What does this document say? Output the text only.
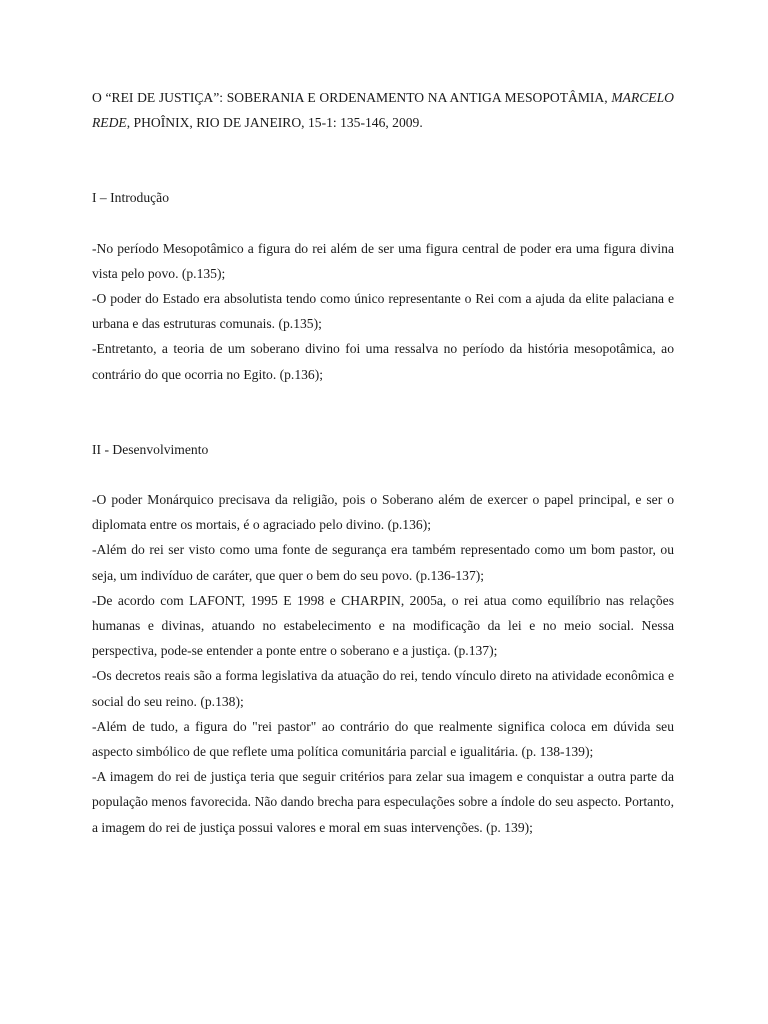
O “REI DE JUSTIÇA”: SOBERANIA E ORDENAMENTO NA ANTIGA MESOPOTÂMIA, MARCELO REDE, PHOÎNIX, RIO DE JANEIRO, 15-1: 135-146, 2009.

I – Introdução

-No período Mesopotâmico a figura do rei além de ser uma figura central de poder era uma figura divina vista pelo povo. (p.135);
-O poder do Estado era absolutista tendo como único representante o Rei com a ajuda da elite palaciana e urbana e das estruturas comunais. (p.135);
-Entretanto, a teoria de um soberano divino foi uma ressalva no período da história mesopotâmica, ao contrário do que ocorria no Egito. (p.136);

II - Desenvolvimento

-O poder Monárquico precisava da religião, pois o Soberano além de exercer o papel principal, e ser o diplomata entre os mortais, é o agraciado pelo divino. (p.136);
-Além do rei ser visto como uma fonte de segurança era também representado como um bom pastor, ou seja, um indivíduo de caráter, que quer o bem do seu povo. (p.136-137);
-De acordo com LAFONT, 1995 E 1998 e CHARPIN, 2005a, o rei atua como equilíbrio nas relações humanas e divinas, atuando no estabelecimento e na modificação da lei e no meio social. Nessa perspectiva, pode-se entender a ponte entre o soberano e a justiça. (p.137);
-Os decretos reais são a forma legislativa da atuação do rei, tendo vínculo direto na atividade econômica e social do seu reino. (p.138);
-Além de tudo, a figura do "rei pastor" ao contrário do que realmente significa coloca em dúvida seu aspecto simbólico de que reflete uma política comunitária parcial e igualitária. (p. 138-139);
-A imagem do rei de justiça teria que seguir critérios para zelar sua imagem e conquistar a outra parte da população menos favorecida. Não dando brecha para especulações sobre a índole do seu aspecto. Portanto, a imagem do rei de justiça possui valores e moral em suas intervenções. (p. 139);
